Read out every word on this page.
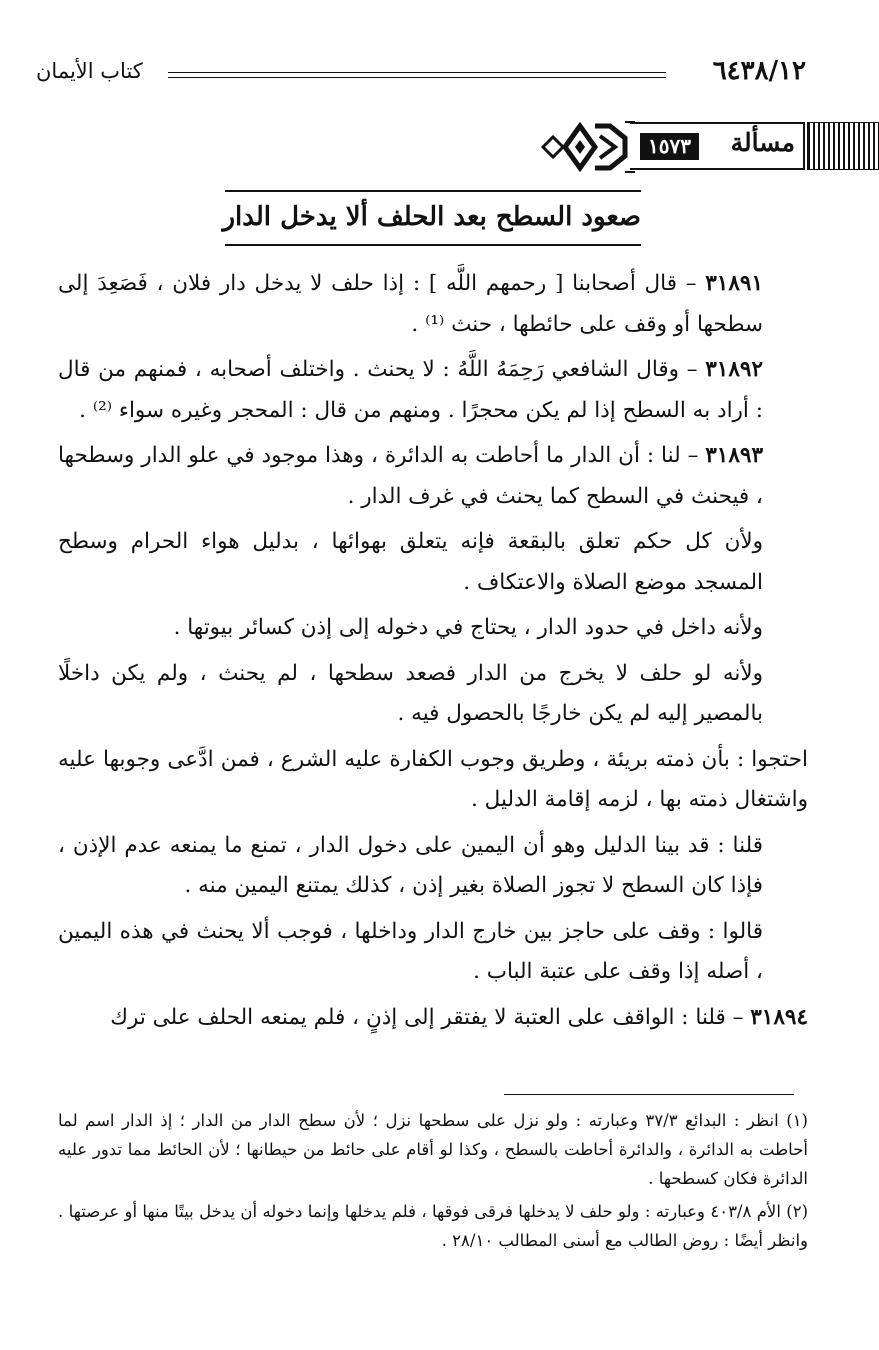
٦٤٣٨/١٢
كتاب الأيمان
مسألة
١٥٧٣
صعود السطح بعد الحلف ألا يدخل الدار

٣١٨٩١ – قال أصحابنا [ رحمهم اللَّه ] : إذا حلف لا يدخل دار فلان ، فَصَعِدَ إلى سطحها أو وقف على حائطها ، حنث ⁽¹⁾ .

٣١٨٩٢ – وقال الشافعي رَحِمَهُ اللَّهُ : لا يحنث . واختلف أصحابه ، فمنهم من قال : أراد به السطح إذا لم يكن محجرًا . ومنهم من قال : المحجر وغيره سواء ⁽²⁾ .

٣١٨٩٣ – لنا : أن الدار ما أحاطت به الدائرة ، وهذا موجود في علو الدار وسطحها ، فيحنث في السطح كما يحنث في غرف الدار .

ولأن كل حكم تعلق بالبقعة فإنه يتعلق بهوائها ، بدليل هواء الحرام وسطح المسجد موضع الصلاة والاعتكاف .

ولأنه داخل في حدود الدار ، يحتاج في دخوله إلى إذن كسائر بيوتها .

ولأنه لو حلف لا يخرج من الدار فصعد سطحها ، لم يحنث ، ولم يكن داخلًا بالمصير إليه لم يكن خارجًا بالحصول فيه .

احتجوا : بأن ذمته بريئة ، وطريق وجوب الكفارة عليه الشرع ، فمن ادَّعى وجوبها عليه واشتغال ذمته بها ، لزمه إقامة الدليل .

قلنا : قد بينا الدليل وهو أن اليمين على دخول الدار ، تمنع ما يمنعه عدم الإذن ، فإذا كان السطح لا تجوز الصلاة بغير إذن ، كذلك يمتنع اليمين منه .

قالوا : وقف على حاجز بين خارج الدار وداخلها ، فوجب ألا يحنث في هذه اليمين ، أصله إذا وقف على عتبة الباب .

٣١٨٩٤ – قلنا : الواقف على العتبة لا يفتقر إلى إذنٍ ، فلم يمنعه الحلف على ترك

(١) انظر : البدائع ٣٧/٣ وعبارته : ولو نزل على سطحها نزل ؛ لأن سطح الدار من الدار ؛ إذ الدار اسم لما أحاطت به الدائرة ، والدائرة أحاطت بالسطح ، وكذا لو أقام على حائط من حيطانها ؛ لأن الحائط مما تدور عليه الدائرة فكان كسطحها .

(٢) الأم ٤٠٣/٨ وعبارته : ولو حلف لا يدخلها فرقى فوقها ، فلم يدخلها وإنما دخوله أن يدخل بيتًا منها أو عرصتها . وانظر أيضًا : روض الطالب مع أسنى المطالب ٢٨/١٠ .
